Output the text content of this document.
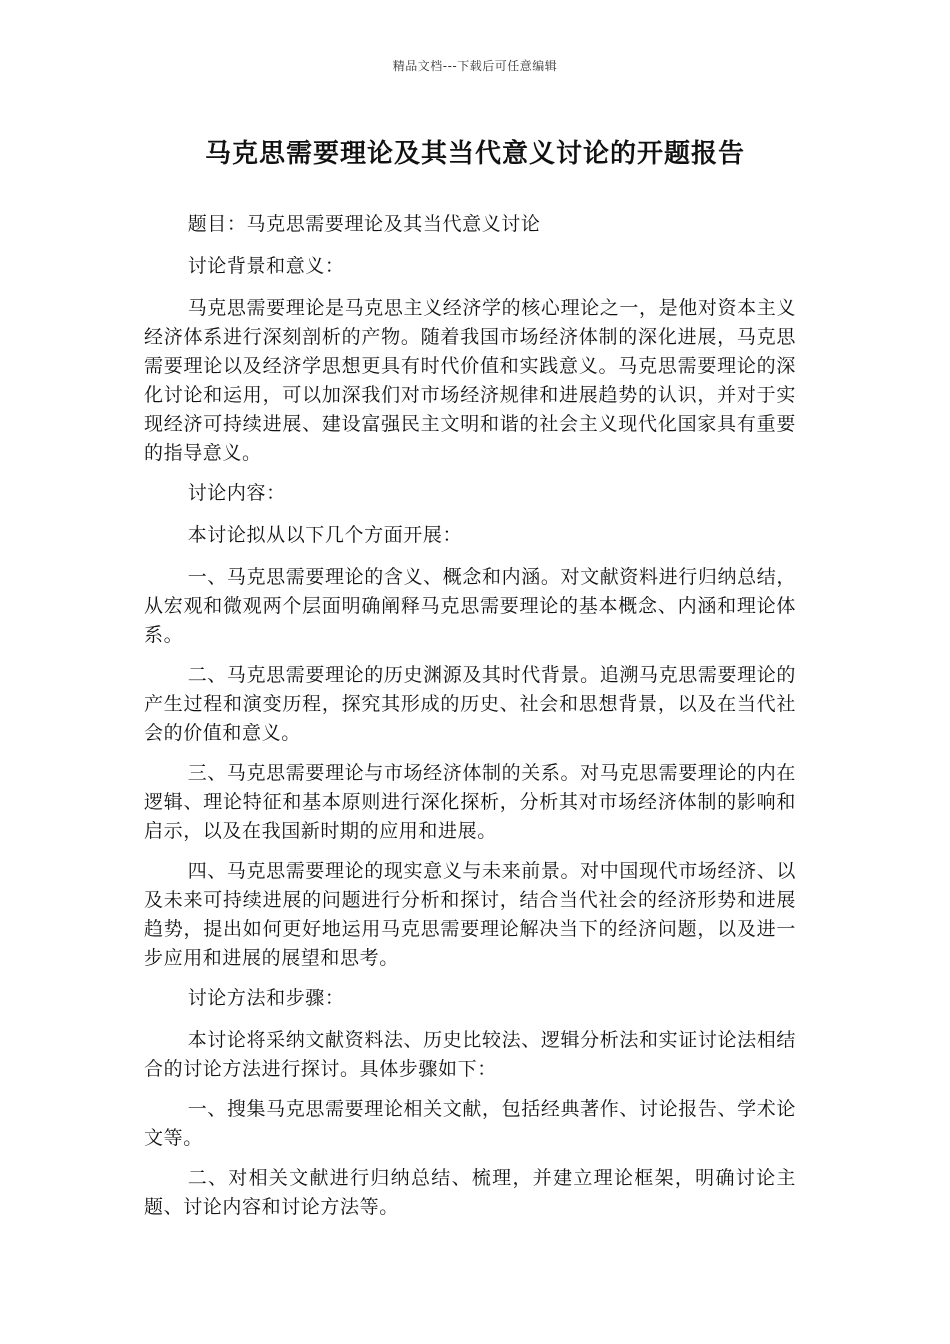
精品文档---下载后可任意编辑
马克思需要理论及其当代意义讨论的开题报告

题目：马克思需要理论及其当代意义讨论

讨论背景和意义：

马克思需要理论是马克思主义经济学的核心理论之一，是他对资本主义经济体系进行深刻剖析的产物。随着我国市场经济体制的深化进展，马克思需要理论以及经济学思想更具有时代价值和实践意义。马克思需要理论的深化讨论和运用，可以加深我们对市场经济规律和进展趋势的认识，并对于实现经济可持续进展、建设富强民主文明和谐的社会主义现代化国家具有重要的指导意义。

讨论内容：

本讨论拟从以下几个方面开展：

一、马克思需要理论的含义、概念和内涵。对文献资料进行归纳总结，从宏观和微观两个层面明确阐释马克思需要理论的基本概念、内涵和理论体系。

二、马克思需要理论的历史渊源及其时代背景。追溯马克思需要理论的产生过程和演变历程，探究其形成的历史、社会和思想背景，以及在当代社会的价值和意义。

三、马克思需要理论与市场经济体制的关系。对马克思需要理论的内在逻辑、理论特征和基本原则进行深化探析，分析其对市场经济体制的影响和启示，以及在我国新时期的应用和进展。

四、马克思需要理论的现实意义与未来前景。对中国现代市场经济、以及未来可持续进展的问题进行分析和探讨，结合当代社会的经济形势和进展趋势，提出如何更好地运用马克思需要理论解决当下的经济问题，以及进一步应用和进展的展望和思考。

讨论方法和步骤：

本讨论将采纳文献资料法、历史比较法、逻辑分析法和实证讨论法相结合的讨论方法进行探讨。具体步骤如下：

一、搜集马克思需要理论相关文献，包括经典著作、讨论报告、学术论文等。

二、对相关文献进行归纳总结、梳理，并建立理论框架，明确讨论主题、讨论内容和讨论方法等。
